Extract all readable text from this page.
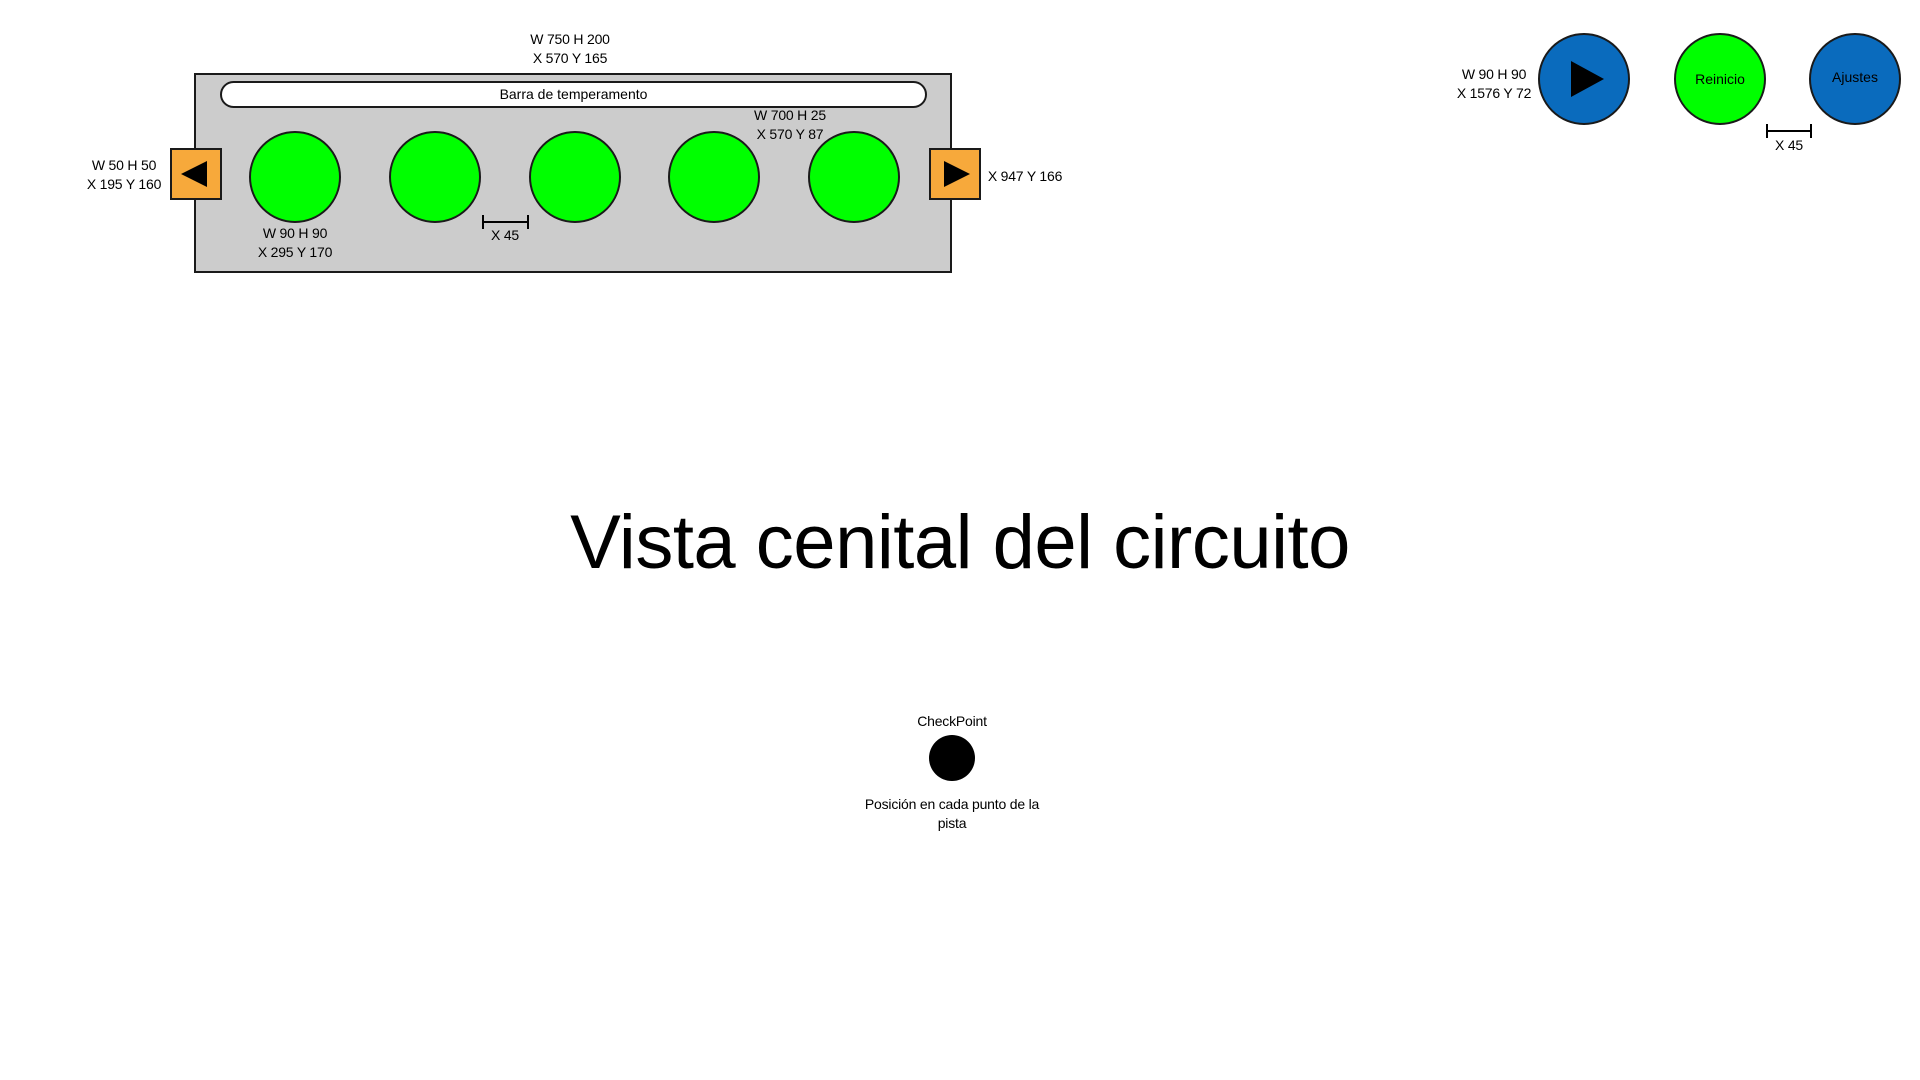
W 750 H 200
X 570 Y 165
Barra de temperamento
W 700 H 25
X 570 Y 87
W 50 H 50
X 195 Y 160
W 90 H 90
X 295 Y 170
X 45
X 947 Y 166
W 90 H 90
X 1576 Y 72
Reinicio	Ajustes
X 45
Vista cenital del circuito
CheckPoint
Posición en cada punto de la pista
